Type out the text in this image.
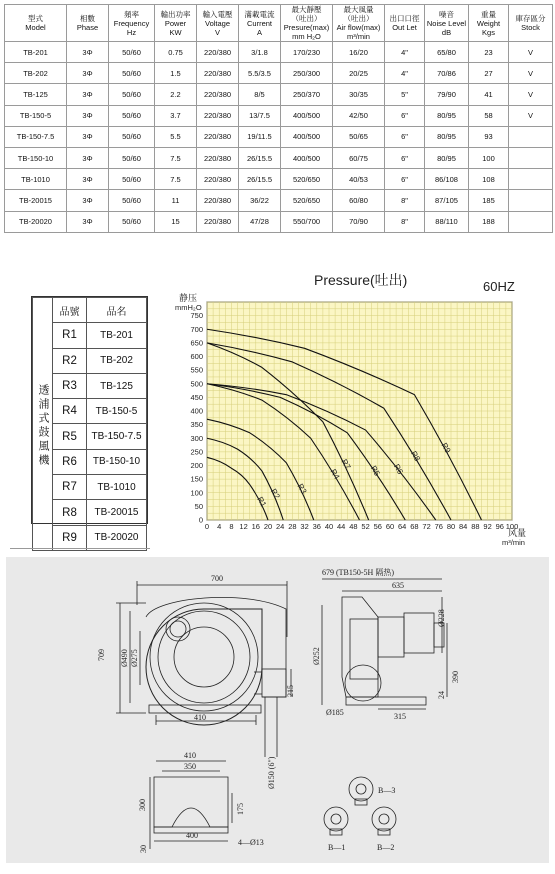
型式
Model	相數
Phase	頻率
Frequency
Hz	輸出功率
Power
KW	輸入電壓
Voltage
V	滿載電流
Current
A	最大靜壓
（吐出）
Presure(max)
mm H₂O	最大風量
（吐出）
Air flow(max)
m³/min	出口口徑
Out Let	噪音
Noise Level
dB	重量
Weight
Kgs	庫存區分
Stock

TB-201	3Φ	50/60	0.75	220/380	3/1.8	170/230	16/20	4"	65/80	23	V
TB-202	3Φ	50/60	1.5	220/380	5.5/3.5	250/300	20/25	4"	70/86	27	V
TB-125	3Φ	50/60	2.2	220/380	8/5	250/370	30/35	5"	79/90	41	V
TB-150-5	3Φ	50/60	3.7	220/380	13/7.5	400/500	42/50	6"	80/95	58	V
TB-150-7.5	3Φ	50/60	5.5	220/380	19/11.5	400/500	50/65	6"	80/95	93	
TB-150-10	3Φ	50/60	7.5	220/380	26/15.5	400/500	60/75	6"	80/95	100	
TB-1010	3Φ	50/60	7.5	220/380	26/15.5	520/650	40/53	6"	86/108	108	
TB-20015	3Φ	50/60	11	220/380	36/22	520/650	60/80	8"	87/105	185	
TB-20020	3Φ	50/60	15	220/380	47/28	550/700	70/90	8"	88/110	188	
透浦式鼓風機	品號	品名
	R1	TB-201
	R2	TB-202
	R3	TB-125
	R4	TB-150-5
	R5	TB-150-7.5
	R6	TB-150-10
	R7	TB-1010
	R8	TB-20015
	R9	TB-20020
Pressure(吐出)	60HZ
静压
mmH₂O
风量
m³/min
0 4 8 12 16 20 24 28 32 36 40 44 48 52 56 60 64 68 72 76 80 84 88 92 96 100
0
50
100
150
200
250
300
350
400
450
500
550
600
650
700
750
R1
R2 R3
R4	R5 R6
R7
R8
R9
700
709 Ø490 Ø275
215
410
Ø150 (6")
679 (TB150-5H 隔热)
635
Ø228
Ø252
390
24
Ø185	315
410
350
300	175
400
4—Ø13
30	B—1	B—2
B—3
